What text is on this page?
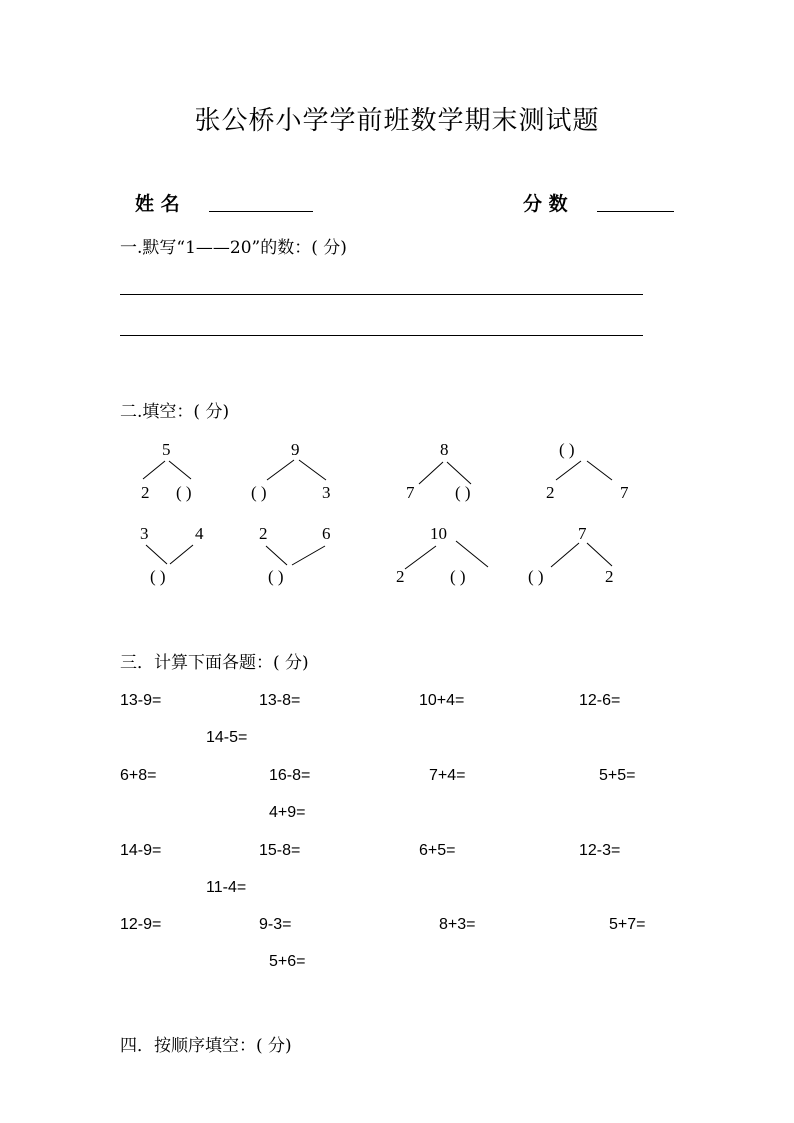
张公桥小学学前班数学期末测试题
姓 名	分 数
一.默写“1——20”的数：( 分)
二.填空：( 分)
5
2 ( )
9
( )	3
8
7 ( )
( )
2	7
3	4
( )
2	6
( )
10
2	( )
7
( )	2
三．计算下面各题：( 分)
13-9=	13-8=	10+4=	12-6=
14-5=
6+8=	16-8=	7+4=	5+5=
4+9=
14-9=	15-8=	6+5=	12-3=
11-4=
12-9=	9-3=	8+3=	5+7=
5+6=
四．按顺序填空：( 分)
